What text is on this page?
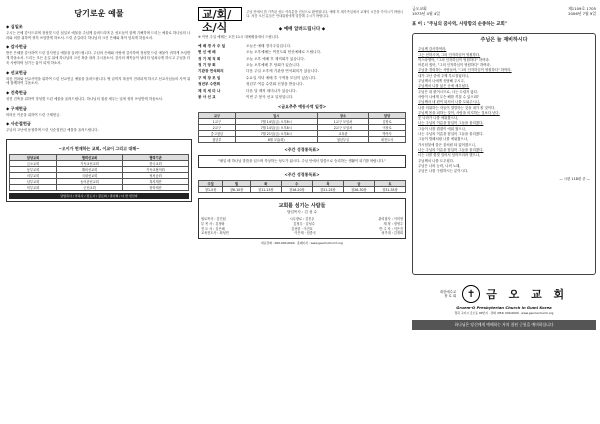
당기로운 예물
◆ 십일조
주시는 은혜 감사드리며 정성껏 드린 십일조 예물을 주님께 올려드리며 온 성도들이 함께 기뻐하며 드리는 예물로 하나님의 나라와 의를 위하여 귀히 쓰임받게 하소서. 드린 손길마다 하나님의 크신 은혜와 복이 넘치게 하옵소서.
◆ 감사헌금
받은 은혜를 감사하여 드린 감사헌금 예물을 올려드립니다. 주님의 은혜와 사랑에 감사하며 정성껏 드린 예물이 귀하게 쓰임받게 하옵소서. 드리는 모든 손길 위에 하나님의 크신 복을 내려 주시옵소서. 감사의 제목들이 날마다 넘쳐나게 하시고 주님을 더욱 사랑하며 섬기는 삶이 되게 하소서.
◆ 선교헌금
복음 전파와 선교사역을 위하여 드린 선교헌금 예물을 올려드립니다. 땅 끝까지 복음이 전파되게 하시고 선교사님들의 사역 위에 함께하여 주옵소서.
◆ 건축헌금
성전 건축을 위하여 정성껏 드린 예물을 올려드립니다. 하나님의 집을 세우는 일에 귀히 쓰임받게 하옵소서.
◆ 구제헌금
어려운 이웃을 위하여 드린 구제헌금.
◆ 사순절헌금
주님의 고난에 동참하며 드린 사순절헌금 예물을 올려드립니다.
~오이가 헌재하는 교회, 이교이 그리고 대해~
담당교회	협력선교회	협력기관
금오교회	기독교선교회	한국교회
동부교회	해외선교회	기독교협의회
서부교회	국내선교회	성서공회
남부교회	농어촌선교회	복지재단
북부교회	군선교회	장학재단
담임목사 / 부목사 / 전도사 / 장로회 / 권사회 / 다 한 헌신자
교/회/소/식
주님 안에서 한 가족된 성도 여러분을 진심으로 환영합니다. 예배 후 새가족실에서 교제의 시간을 가지시기 바랍니다. 처음 오신 분들은 안내위원에게 말씀해 주시기 바랍니다.
◆ 예배 알려드립니다 ◆
※ 이번 주일 예배는 오전 11시 대예배실에서 드립니다.
예 배 경 사 주 일	오늘은 예배 경사주일입니다.
헌 신 예 배	오늘 오후예배는 여전도회 헌신예배로 드립니다.
정 기 제 직 회	오늘 오후 예배 후 제직회가 있습니다.
정 기 당 회	오늘 오후예배 후 당회가 있습니다.
기관장 연석회의	다음 주일 오후에 기관장 연석회의가 있습니다.
구 역 장 모 임	수요일 저녁 예배 후 구역장 모임이 있습니다.
청년부 수련회	청년부 여름 수련회 신청을 받습니다.
제 직 세 미 나	다음 달 제직 세미나가 있습니다.
봉 사 선 교	이번 주 봉사 선교 일정입니다.
<금요추추 예동사역 일정>
교구	일시	장소	담당
1교구	7월 14일(금) 오후8시	1교구 모임처	김장로
2교구	7월 14일(금) 오후8시	2교구 모임처	이장로
중고청년	7월 21일(금) 오후8시	교육관	박목사
청년부	8월 1일(화)	청년부실	최전도사
<주간 성경통독표>
"매일 매 하나님 말씀을 읽으며 묵상하는 성도가 됩시다. 주님 안에서 말씀으로 승리하는 생활이 되기를 바랍니다."
<주간 성경통독표>
주일	월	화	수	목	금	토
창1-5장	창6-10장	창11-15장	창16-20장	창21-25장	창26-30장	창31-35장
교회를 섬기는 사람들
담임목사 : 김 성 수
원로목사 : 김인섭	시무장로 : 김진우	관리집사 : 이미영
부 목 사 : 김정락	김정우 · 김성수	재 정 : 정영주
전 도 사 : 김은혜	김선한 · 이진호	반 주 자 : 이은진
교육전도사 : 최성민	이은재 · 임종국	성가대 : 김정희
대표전화 : 000-000-0000 · 홈페이지 : www.geumochurch.org
금오교회
1973년 4월 4일
제1109호 1705
2006년 7월 9일
표 어 : "주님의 꿈사역, 사랑함의 순종하는 교회"
주님은 늘 재비하시다
주님께 감사하여라.
그는 선하시며, 그의 인자하심이 영원하다.
이스라엘아, "그의 인자하심이 영원하다" 하여라.
아론의 집아, "그의 인자하심이 영원하다" 하여라.
주님을 경외하는 사람들아, "그의 인자하심이 영원하다" 하여라.
내가 고난 중에 주께 부르짖었더니,
주님께서 나에게 응답해 주시고,
주님께서 나를 넓은 곳에 세우셨다.
주님은 내 편이시므로, 나는 두렵지 않다.
사람이 나에게 무슨 해를 끼칠 수 있으랴?
주님께서 내 편이 되셔서 나를 도와주시니,
나를 미워하는 자들이 멸망하는 것을 내가 볼 것이다.
주님께 몸을 피하는 것이, 사람을 의지하는 것보다 낫다.
뭇 나라가 나를 에워쌌으나,
나는 주님의 이름을 힘입어 그들을 물리쳤다.
그들이 나를 겹겹이 에워 쌌으나,
나는 주님의 이름을 힘입어 그들을 물리쳤다.
그들이 벌떼처럼 나를 에워쌌으나,
가시덤불에 붙은 불처럼 타 없어졌으니,
나는 주님의 이름을 힘입어 그들을 물리쳤다.
너는 나를 힘껏 밀어서 넘어뜨리려 했으나,
주님께서 나를 도우셨다.
주님은 나의 능력, 나의 노래,
주님은 나를 구원하시는 분이시다.
— 시편 118편 중 —
대한예수교
장 로 회	✝ 금 오 교 회
Gruem-O Presbyterian Church in Gumi Korea
경북 구미시 금오동 00번지 · 전화 (054) 000-0000 · www.geumochurch.org
하나님은 당신에게 예배하는 자의 참된 근원을 예비하십니다
